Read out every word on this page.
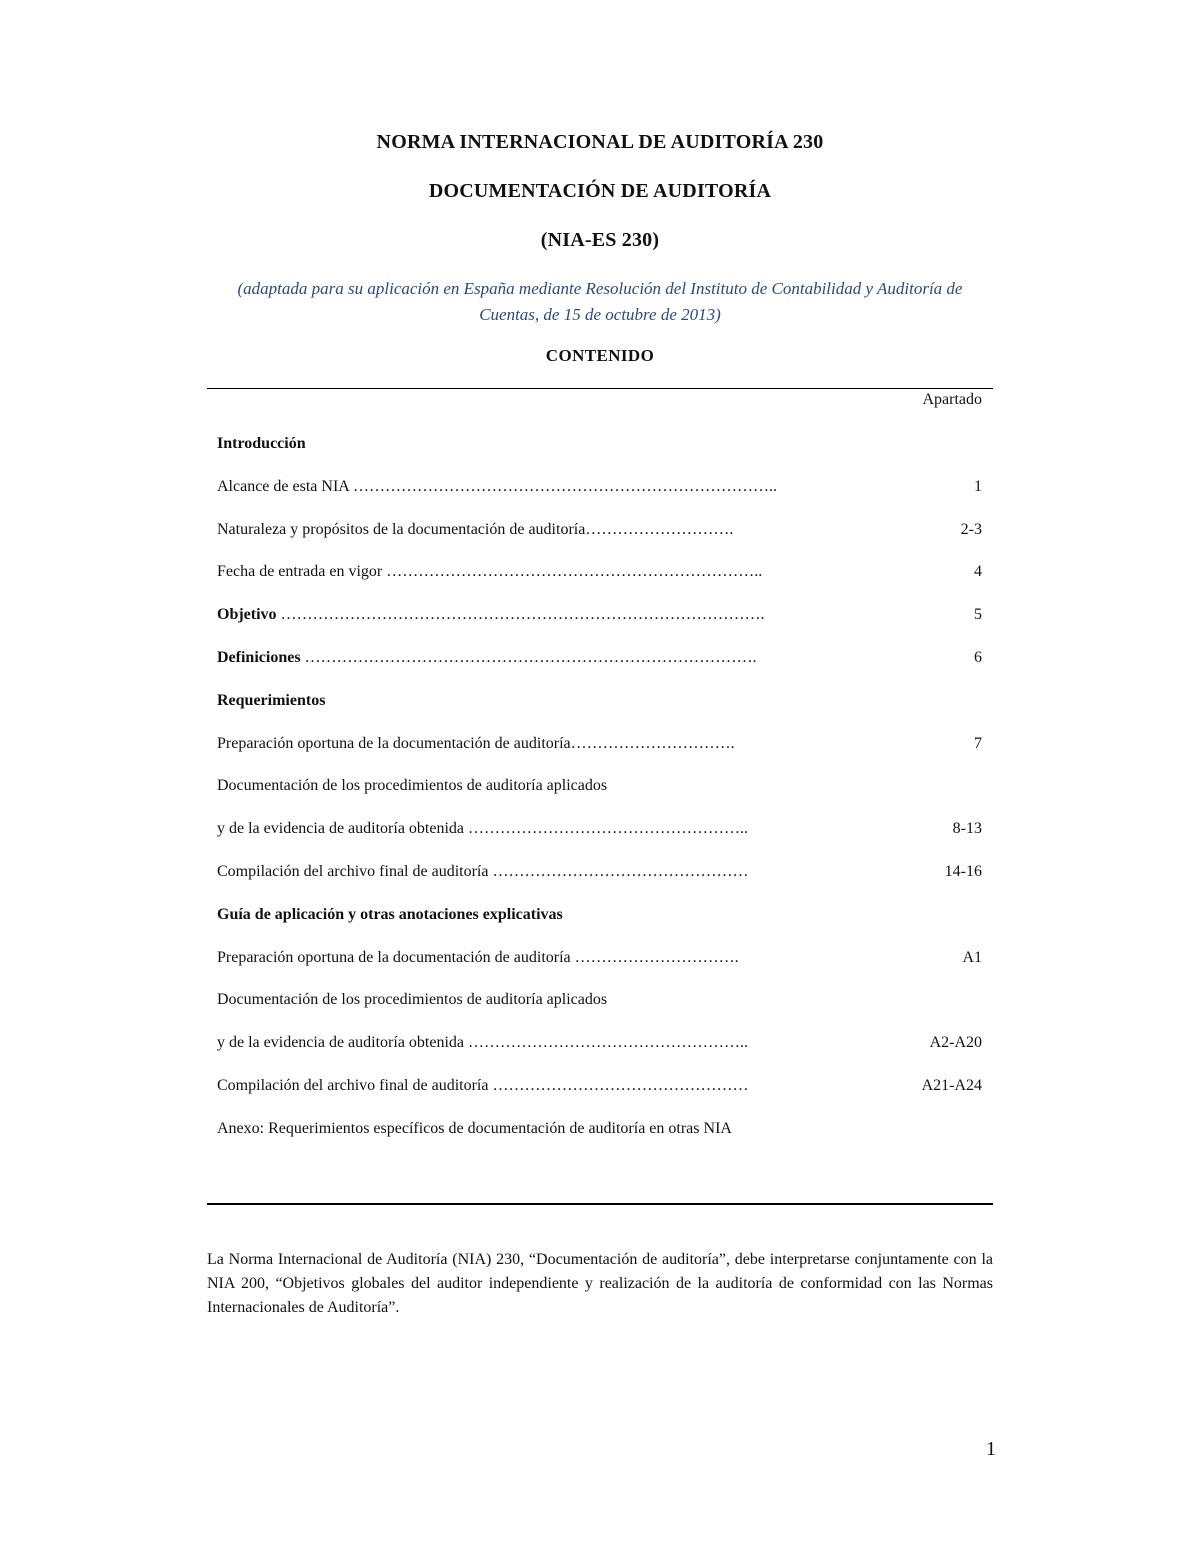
NORMA INTERNACIONAL DE AUDITORÍA 230
DOCUMENTACIÓN DE AUDITORÍA
(NIA-ES 230)
(adaptada para su aplicación en España mediante Resolución del Instituto de Contabilidad y Auditoría de Cuentas, de 15 de octubre de 2013)
CONTENIDO
Apartado
Introducción
Alcance de esta NIA ……………………………………………………………………..	1
Naturaleza y propósitos de la documentación de auditoría……………………….	2-3
Fecha de entrada en vigor ……………………………………………………………..	4
Objetivo ……………………………………………………………………………….	5
Definiciones ………………………………………………………………………….	6
Requerimientos
Preparación oportuna de la documentación de auditoría………………………….	7
Documentación de los procedimientos de auditoría aplicados
y de la evidencia de auditoría obtenida ……………………………………………..	8-13
Compilación del archivo final de auditoría …………………………………………	14-16
Guía de aplicación y otras anotaciones explicativas
Preparación oportuna de la documentación de auditoría ………………………….	A1
Documentación de los procedimientos de auditoría aplicados
y de la evidencia de auditoría obtenida ……………………………………………..	A2-A20
Compilación del archivo final de auditoría …………………………………………	A21-A24
Anexo: Requerimientos específicos de documentación de auditoría en otras NIA
La Norma Internacional de Auditoría (NIA) 230, “Documentación de auditoría”, debe interpretarse conjuntamente con la NIA 200, “Objetivos globales del auditor independiente y realización de la auditoría de conformidad con las Normas Internacionales de Auditoría”.
1
